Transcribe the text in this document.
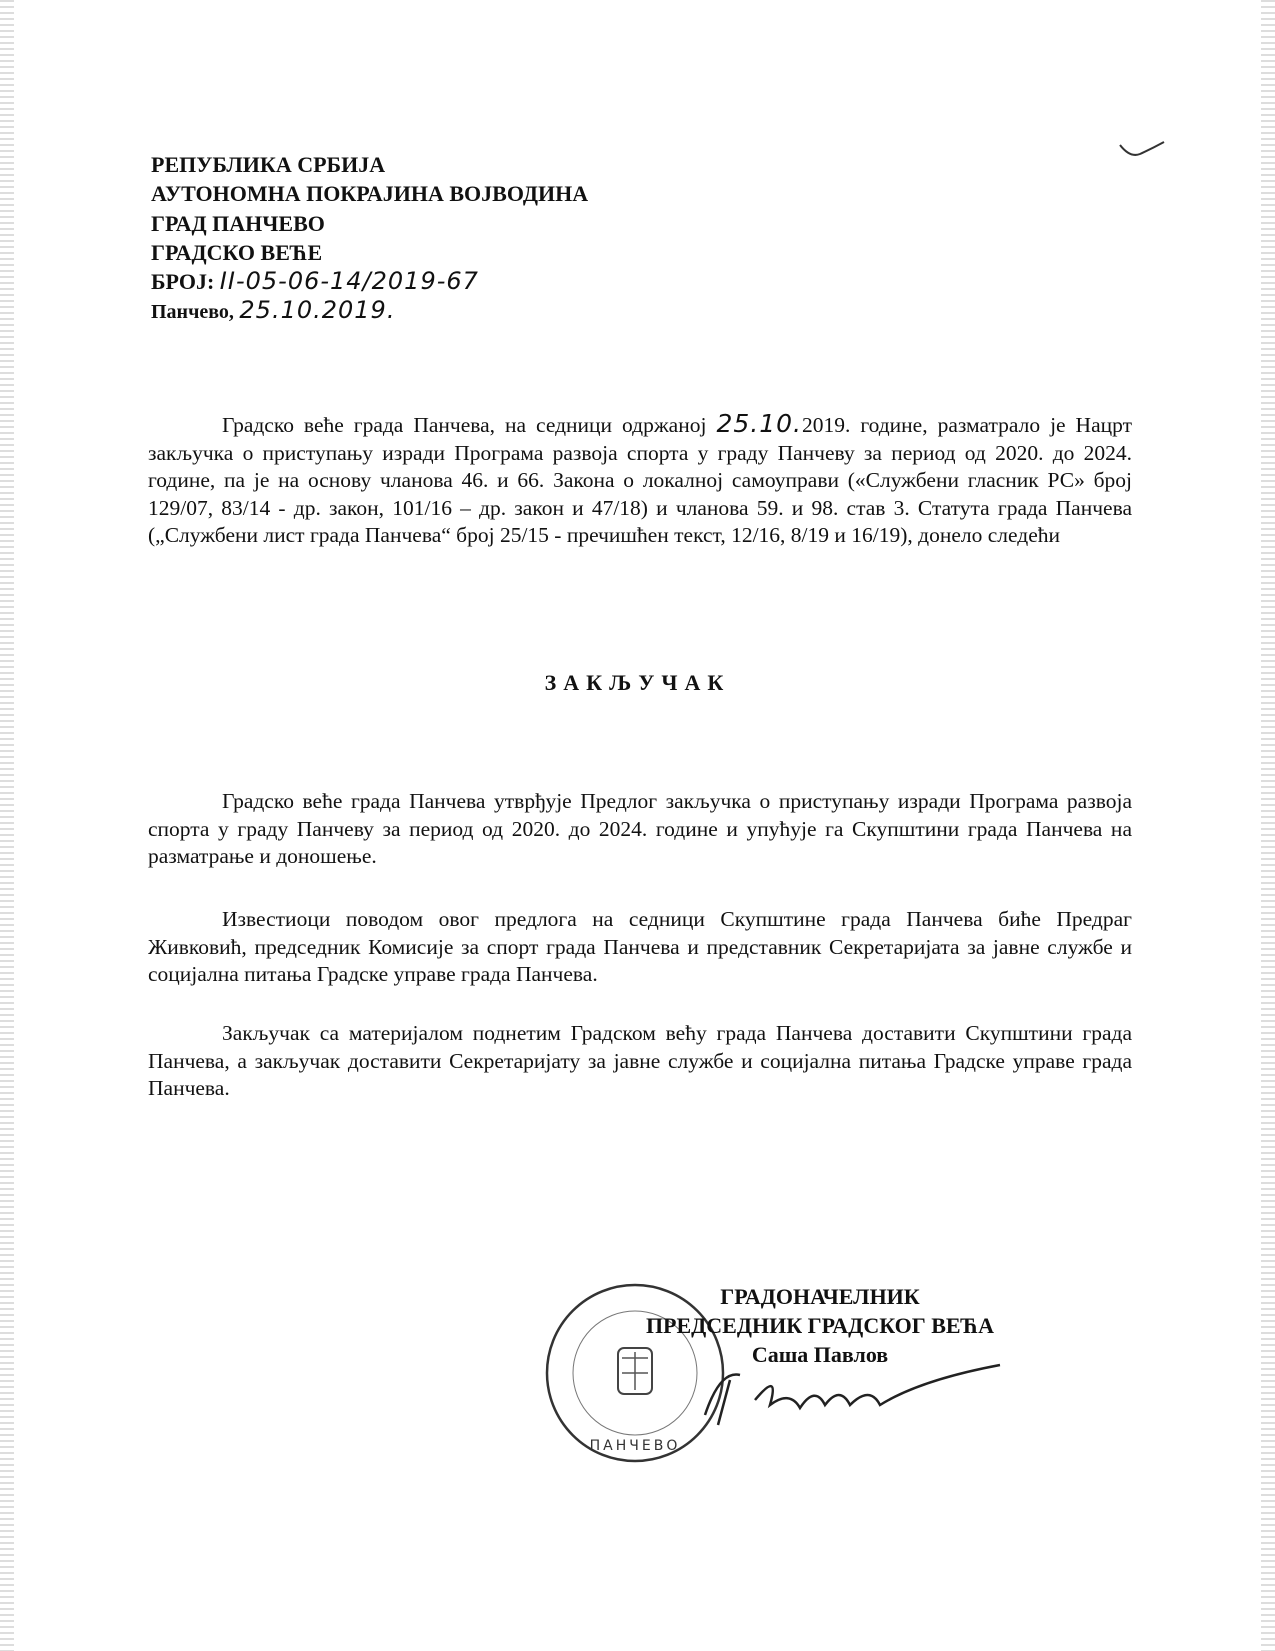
РЕПУБЛИКА СРБИЈА
АУТОНОМНА ПОКРАЈИНА ВОЈВОДИНА
ГРАД ПАНЧЕВО
ГРАДСКО ВЕЋЕ
БРОЈ: II-05-06-14/2019-67
Панчево, 25.10.2019.
Градско веће града Панчева, на седници одржаној 25.10.2019. године, разматрало је Нацрт закључка о приступању изради Програма развоја спорта у граду Панчеву за период од 2020. до 2024. године, па је на основу чланова 46. и 66. Закона о локалној самоуправи («Службени гласник РС» број 129/07, 83/14 - др. закон, 101/16 – др. закон и 47/18) и чланова 59. и 98. став 3. Статута града Панчева („Службени лист града Панчева“ број 25/15 - пречишћен текст, 12/16, 8/19 и 16/19), донело следећи
ЗАКЉУЧАК
Градско веће града Панчева утврђује Предлог закључка о приступању изради Програма развоја спорта у граду Панчеву за период од 2020. до 2024. године и упућује га Скупштини града Панчева на разматрање и доношење.
Известиоци поводом овог предлога на седници Скупштине града Панчева биће Предраг Живковић, председник Комисије за спорт града Панчева и представник Секретаријата за јавне службе и социјална питања Градске управе града Панчева.
Закључак са материјалом поднетим Градском већу града Панчева доставити Скупштини града Панчева, а закључак доставити Секретаријату за јавне службе и социјална питања Градске управе града Панчева.
ПАНЧЕВО
ГРАДОНАЧЕЛНИК
ПРЕДСЕДНИК ГРАДСКОГ ВЕЋА
Саша Павлов
